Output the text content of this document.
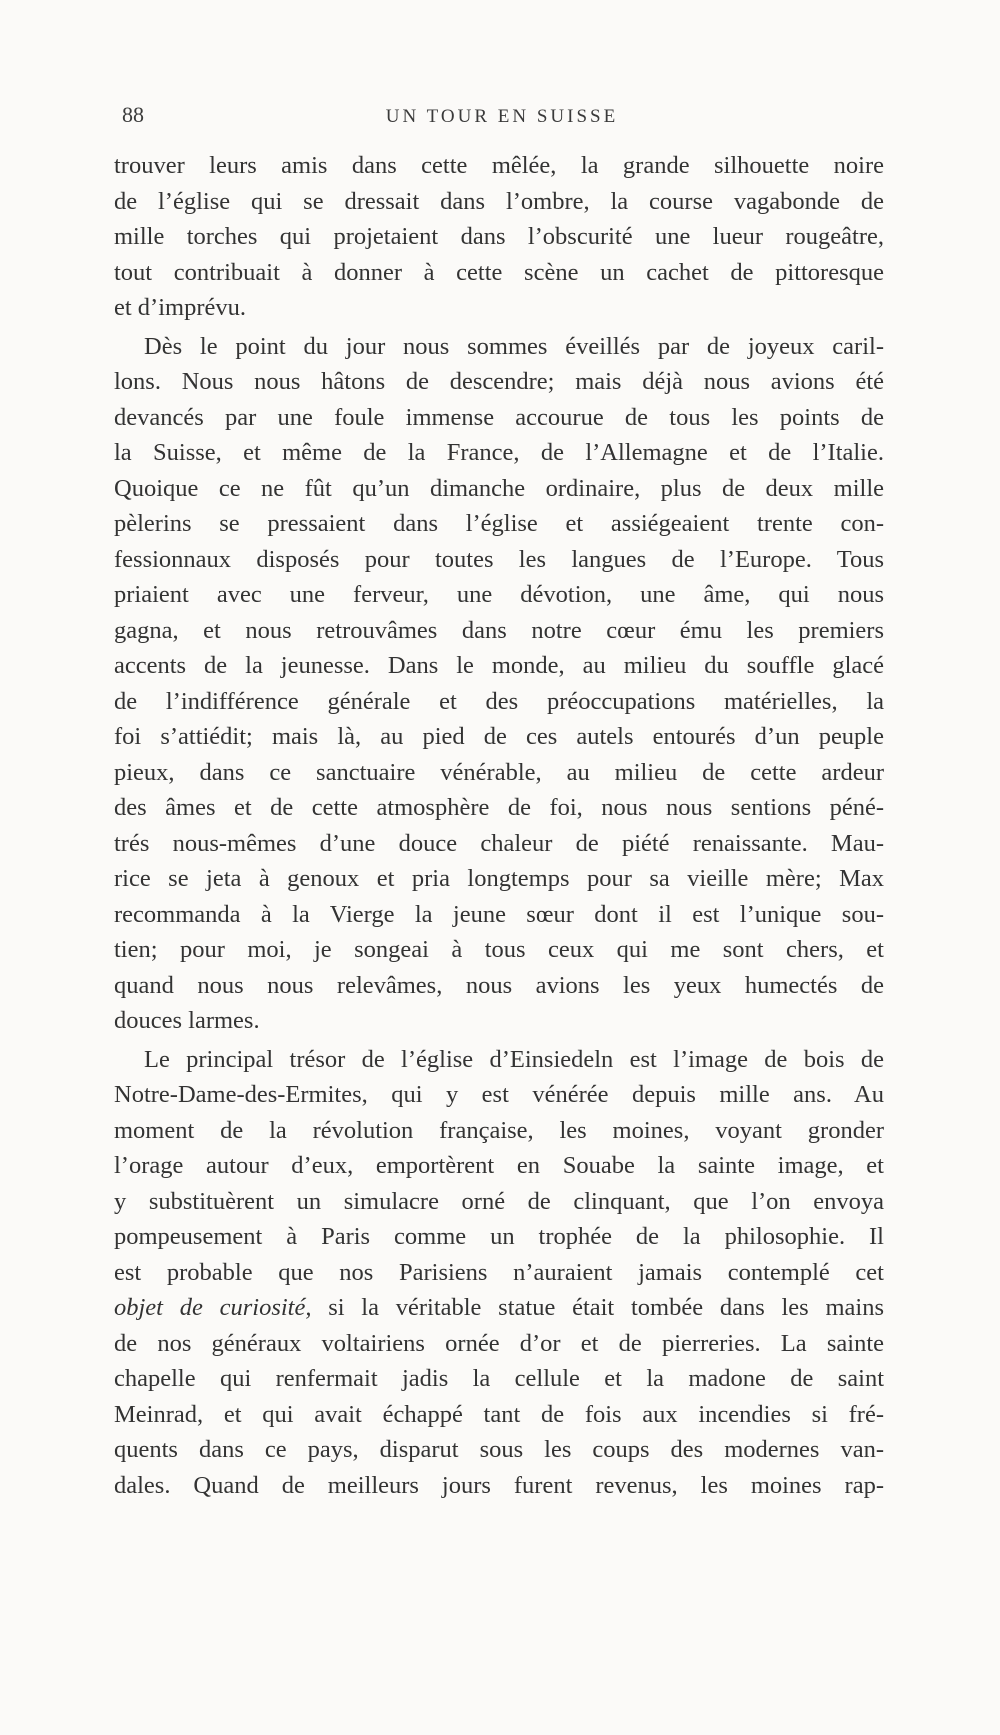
88	UN TOUR EN SUISSE
trouver leurs amis dans cette mêlée, la grande silhouette noire
de l’église qui se dressait dans l’ombre, la course vagabonde de
mille torches qui projetaient dans l’obscurité une lueur rougeâtre,
tout contribuait à donner à cette scène un cachet de pittoresque
et d’imprévu.
Dès le point du jour nous sommes éveillés par de joyeux caril-
lons. Nous nous hâtons de descendre; mais déjà nous avions été
devancés par une foule immense accourue de tous les points de
la Suisse, et même de la France, de l’Allemagne et de l’Italie.
Quoique ce ne fût qu’un dimanche ordinaire, plus de deux mille
pèlerins se pressaient dans l’église et assiégeaient trente con-
fessionnaux disposés pour toutes les langues de l’Europe. Tous
priaient avec une ferveur, une dévotion, une âme, qui nous
gagna, et nous retrouvâmes dans notre cœur ému les premiers
accents de la jeunesse. Dans le monde, au milieu du souffle glacé
de l’indifférence générale et des préoccupations matérielles, la
foi s’attiédit; mais là, au pied de ces autels entourés d’un peuple
pieux, dans ce sanctuaire vénérable, au milieu de cette ardeur
des âmes et de cette atmosphère de foi, nous nous sentions péné-
trés nous-mêmes d’une douce chaleur de piété renaissante. Mau-
rice se jeta à genoux et pria longtemps pour sa vieille mère; Max
recommanda à la Vierge la jeune sœur dont il est l’unique sou-
tien; pour moi, je songeai à tous ceux qui me sont chers, et
quand nous nous relevâmes, nous avions les yeux humectés de
douces larmes.
Le principal trésor de l’église d’Einsiedeln est l’image de bois de
Notre-Dame-des-Ermites, qui y est vénérée depuis mille ans. Au
moment de la révolution française, les moines, voyant gronder
l’orage autour d’eux, emportèrent en Souabe la sainte image, et
y substituèrent un simulacre orné de clinquant, que l’on envoya
pompeusement à Paris comme un trophée de la philosophie. Il
est probable que nos Parisiens n’auraient jamais contemplé cet
objet de curiosité, si la véritable statue était tombée dans les mains
de nos généraux voltairiens ornée d’or et de pierreries. La sainte
chapelle qui renfermait jadis la cellule et la madone de saint
Meinrad, et qui avait échappé tant de fois aux incendies si fré-
quents dans ce pays, disparut sous les coups des modernes van-
dales. Quand de meilleurs jours furent revenus, les moines rap-
